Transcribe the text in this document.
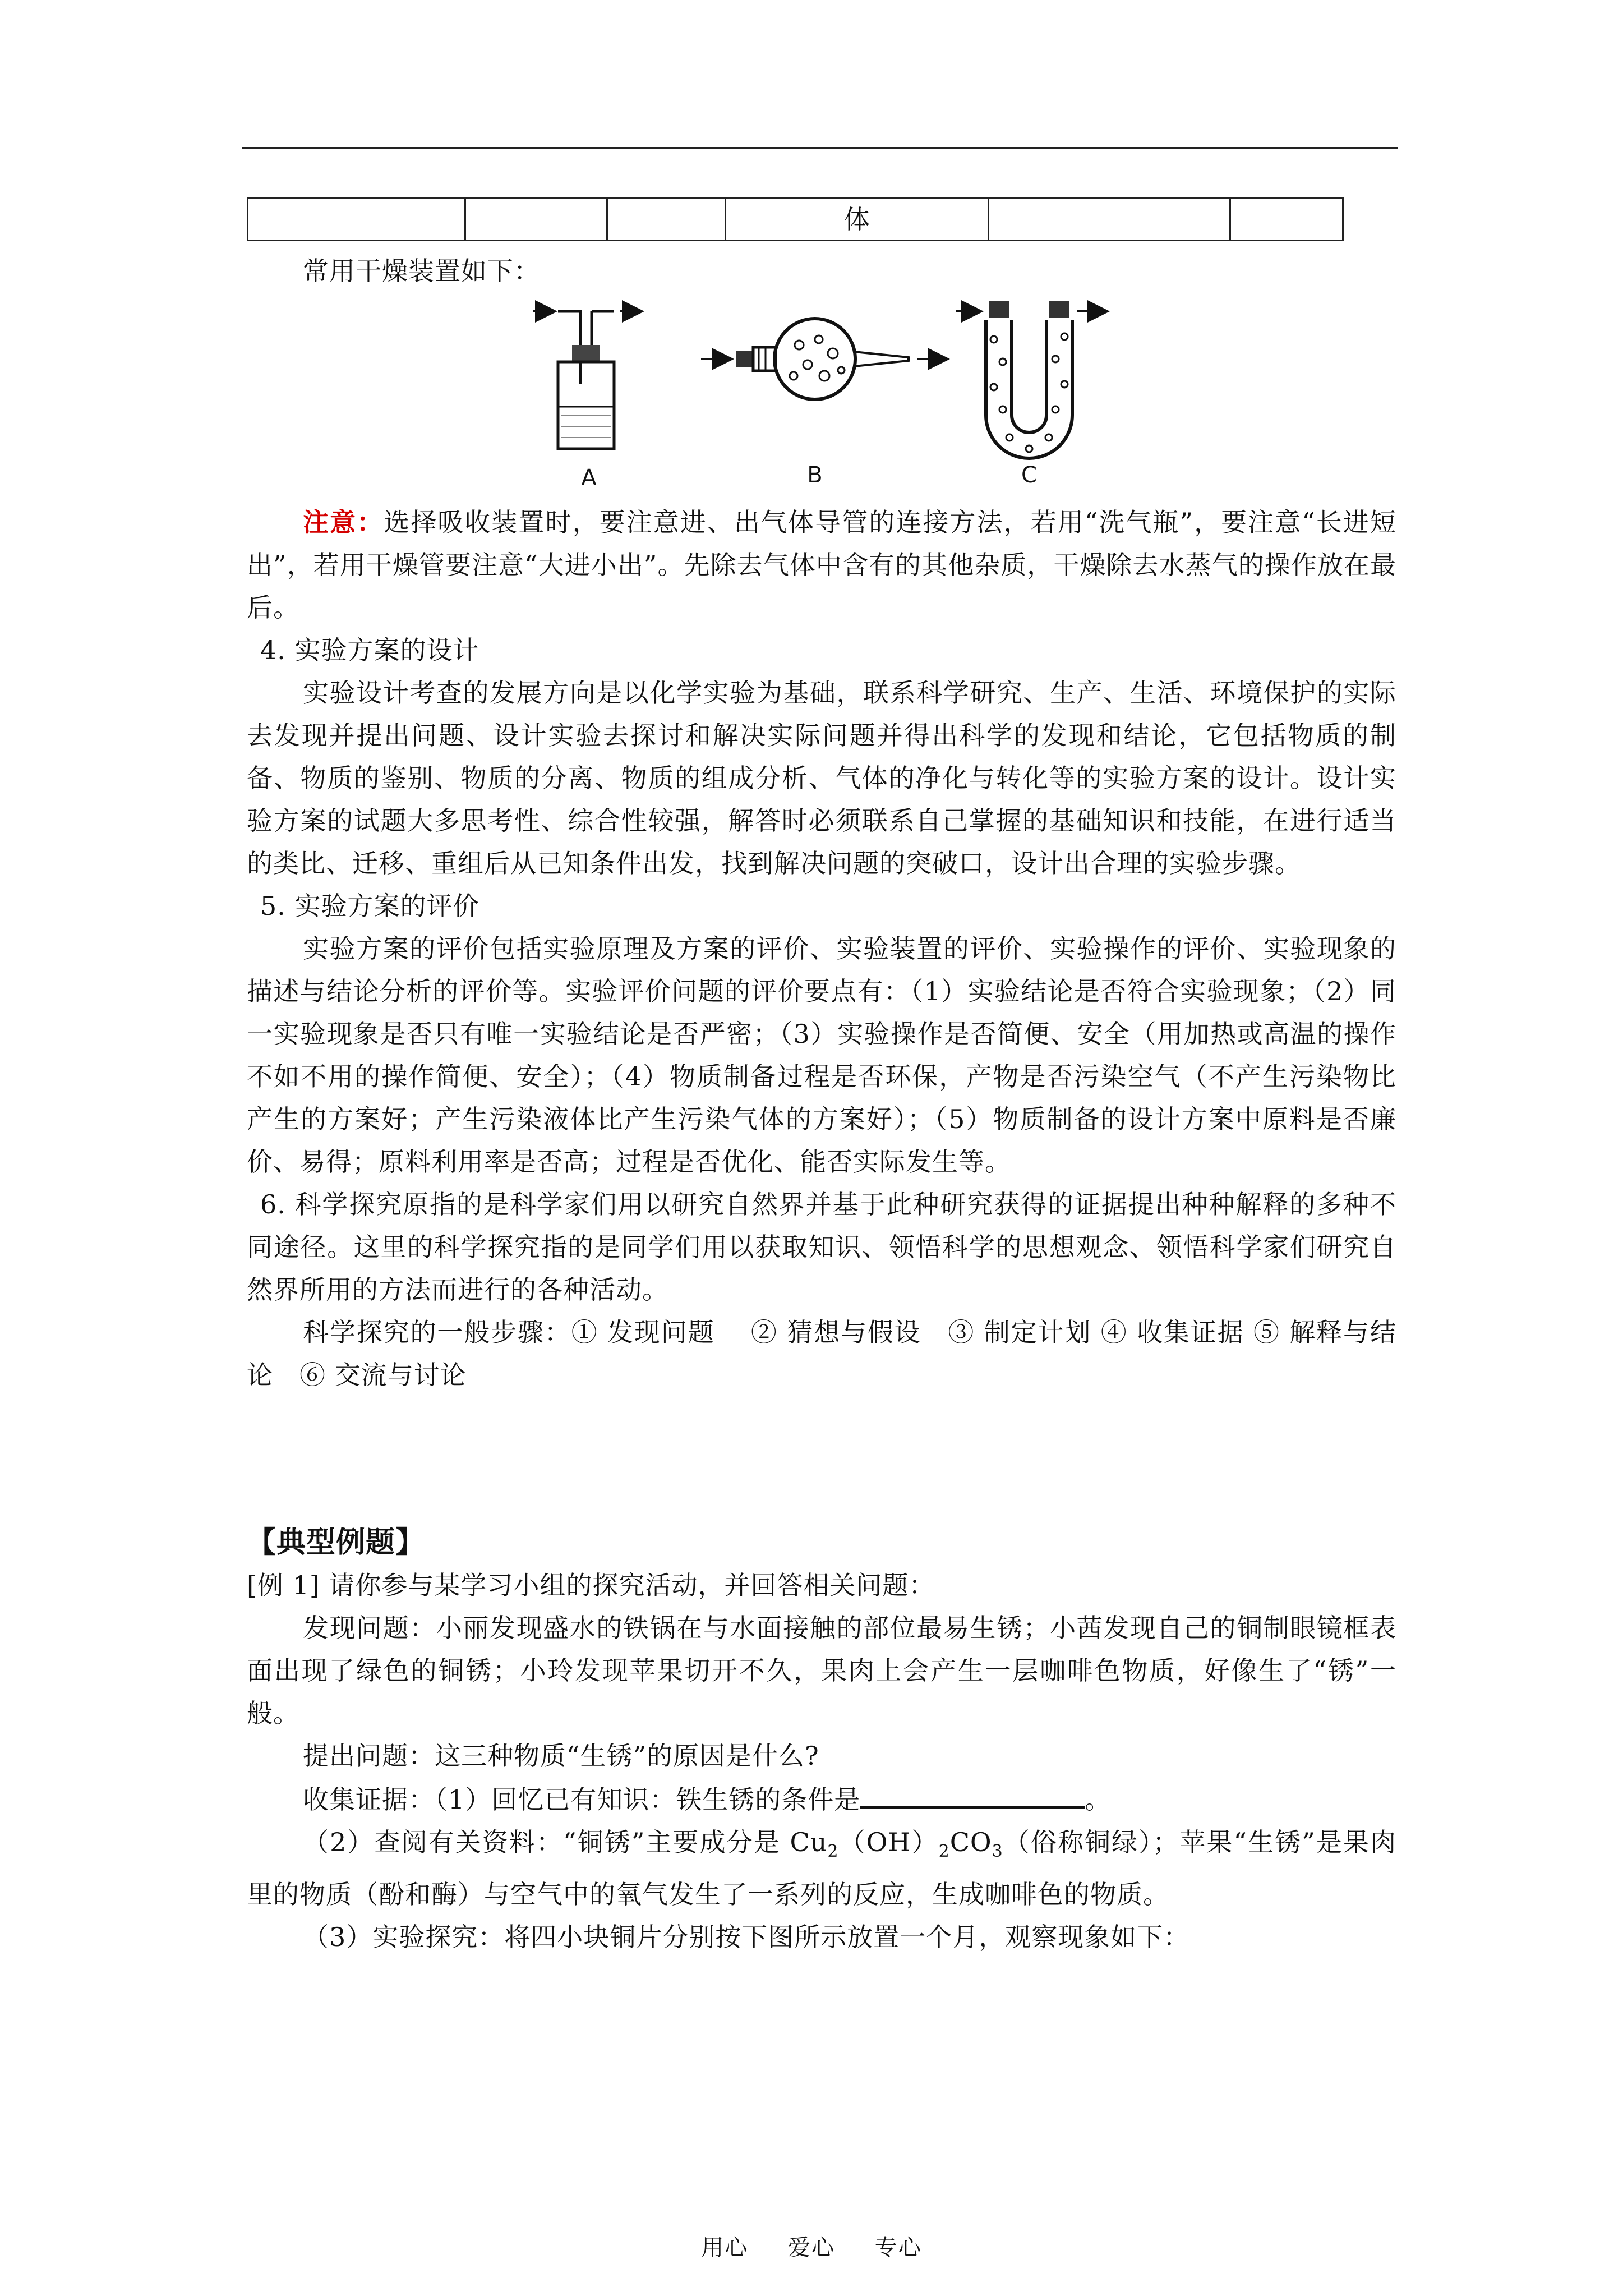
			体		

常用干燥装置如下：

A	B	C

注意：选择吸收装置时，要注意进、出气体导管的连接方法，若用“洗气瓶”，要注意“长进短出”，若用干燥管要注意“大进小出”。先除去气体中含有的其他杂质，干燥除去水蒸气的操作放在最后。

4. 实验方案的设计

实验设计考查的发展方向是以化学实验为基础，联系科学研究、生产、生活、环境保护的实际去发现并提出问题、设计实验去探讨和解决实际问题并得出科学的发现和结论，它包括物质的制备、物质的鉴别、物质的分离、物质的组成分析、气体的净化与转化等的实验方案的设计。设计实验方案的试题大多思考性、综合性较强，解答时必须联系自己掌握的基础知识和技能，在进行适当的类比、迁移、重组后从已知条件出发，找到解决问题的突破口，设计出合理的实验步骤。

5. 实验方案的评价

实验方案的评价包括实验原理及方案的评价、实验装置的评价、实验操作的评价、实验现象的描述与结论分析的评价等。实验评价问题的评价要点有：（1）实验结论是否符合实验现象；（2）同一实验现象是否只有唯一实验结论是否严密；（3）实验操作是否简便、安全（用加热或高温的操作不如不用的操作简便、安全）；（4）物质制备过程是否环保，产物是否污染空气（不产生污染物比产生的方案好；产生污染液体比产生污染气体的方案好）；（5）物质制备的设计方案中原料是否廉价、易得；原料利用率是否高；过程是否优化、能否实际发生等。

6. 科学探究原指的是科学家们用以研究自然界并基于此种研究获得的证据提出种种解释的多种不同途径。这里的科学探究指的是同学们用以获取知识、领悟科学的思想观念、领悟科学家们研究自然界所用的方法而进行的各种活动。

科学探究的一般步骤：① 发现问题　 ② 猜想与假设　③ 制定计划 ④ 收集证据 ⑤ 解释与结论　⑥ 交流与讨论

【典型例题】

[例 1] 请你参与某学习小组的探究活动，并回答相关问题：

发现问题：小丽发现盛水的铁锅在与水面接触的部位最易生锈；小茜发现自己的铜制眼镜框表面出现了绿色的铜锈；小玲发现苹果切开不久，果肉上会产生一层咖啡色物质，好像生了“锈”一般。

提出问题：这三种物质“生锈”的原因是什么?

收集证据：（1）回忆已有知识：铁生锈的条件是	。

（2）查阅有关资料：“铜锈”主要成分是 $Cu_2(OH)_2CO_3$（俗称铜绿）；苹果“生锈”是果肉里的物质（酚和酶）与空气中的氧气发生了一系列的反应，生成咖啡色的物质。

（3）实验探究：将四小块铜片分别按下图所示放置一个月，观察现象如下：

用心 爱心 专心
